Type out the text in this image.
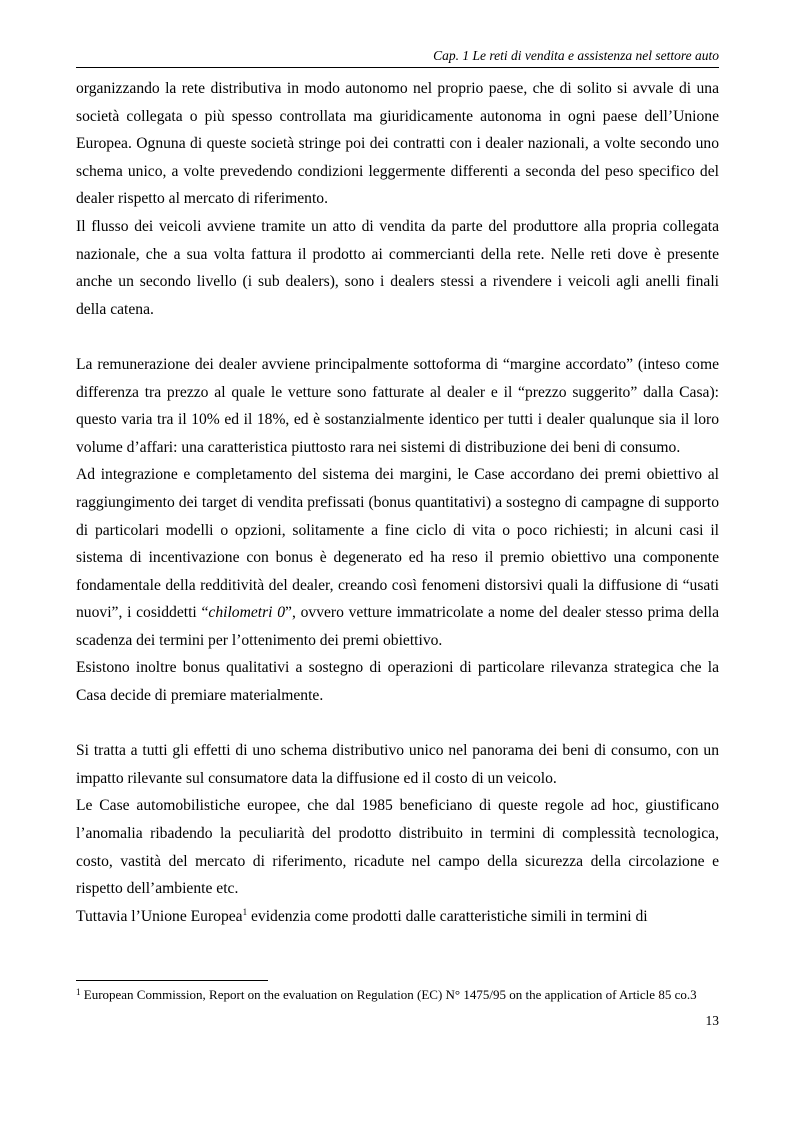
Cap. 1 Le reti di vendita e assistenza nel settore auto

organizzando la rete distributiva in modo autonomo nel proprio paese, che di solito si avvale di una società collegata o più spesso controllata ma giuridicamente autonoma in ogni paese dell’Unione Europea. Ognuna di queste società stringe poi dei contratti con i dealer nazionali, a volte secondo uno schema unico, a volte prevedendo condizioni leggermente differenti a seconda del peso specifico del dealer rispetto al mercato di riferimento.

Il flusso dei veicoli avviene tramite un atto di vendita da parte del produttore alla propria collegata nazionale, che a sua volta fattura il prodotto ai commercianti della rete. Nelle reti dove è presente anche un secondo livello (i sub dealers), sono i dealers stessi a rivendere i veicoli agli anelli finali della catena.

La remunerazione dei dealer avviene principalmente sottoforma di “margine accordato” (inteso come differenza tra prezzo al quale le vetture sono fatturate al dealer e il “prezzo suggerito” dalla Casa): questo varia tra il 10% ed il 18%, ed è sostanzialmente identico per tutti i dealer qualunque sia il loro volume d’affari: una caratteristica piuttosto rara nei sistemi di distribuzione dei beni di consumo.

Ad integrazione e completamento del sistema dei margini, le Case accordano dei premi obiettivo al raggiungimento dei target di vendita prefissati (bonus quantitativi) a sostegno di campagne di supporto di particolari modelli o opzioni, solitamente a fine ciclo di vita o poco richiesti; in alcuni casi il sistema di incentivazione con bonus è degenerato ed ha reso il premio obiettivo una componente fondamentale della redditività del dealer, creando così fenomeni distorsivi quali la diffusione di “usati nuovi”, i cosiddetti “chilometri 0”, ovvero vetture immatricolate a nome del dealer stesso prima della scadenza dei termini per l’ottenimento dei premi obiettivo.

Esistono inoltre bonus qualitativi a sostegno di operazioni di particolare rilevanza strategica che la Casa decide di premiare materialmente.

Si tratta a tutti gli effetti di uno schema distributivo unico nel panorama dei beni di consumo, con un impatto rilevante sul consumatore data la diffusione ed il costo di un veicolo.

Le Case automobilistiche europee, che dal 1985 beneficiano di queste regole ad hoc, giustificano l’anomalia ribadendo la peculiarità del prodotto distribuito in termini di complessità tecnologica, costo, vastità del mercato di riferimento, ricadute nel campo della sicurezza della circolazione e rispetto dell’ambiente etc.

Tuttavia l’Unione Europea$^1$ evidenzia come prodotti dalle caratteristiche simili in termini di

$^1$ European Commission, Report on the evaluation on Regulation (EC) N° 1475/95 on the application of Article 85 co.3
13
